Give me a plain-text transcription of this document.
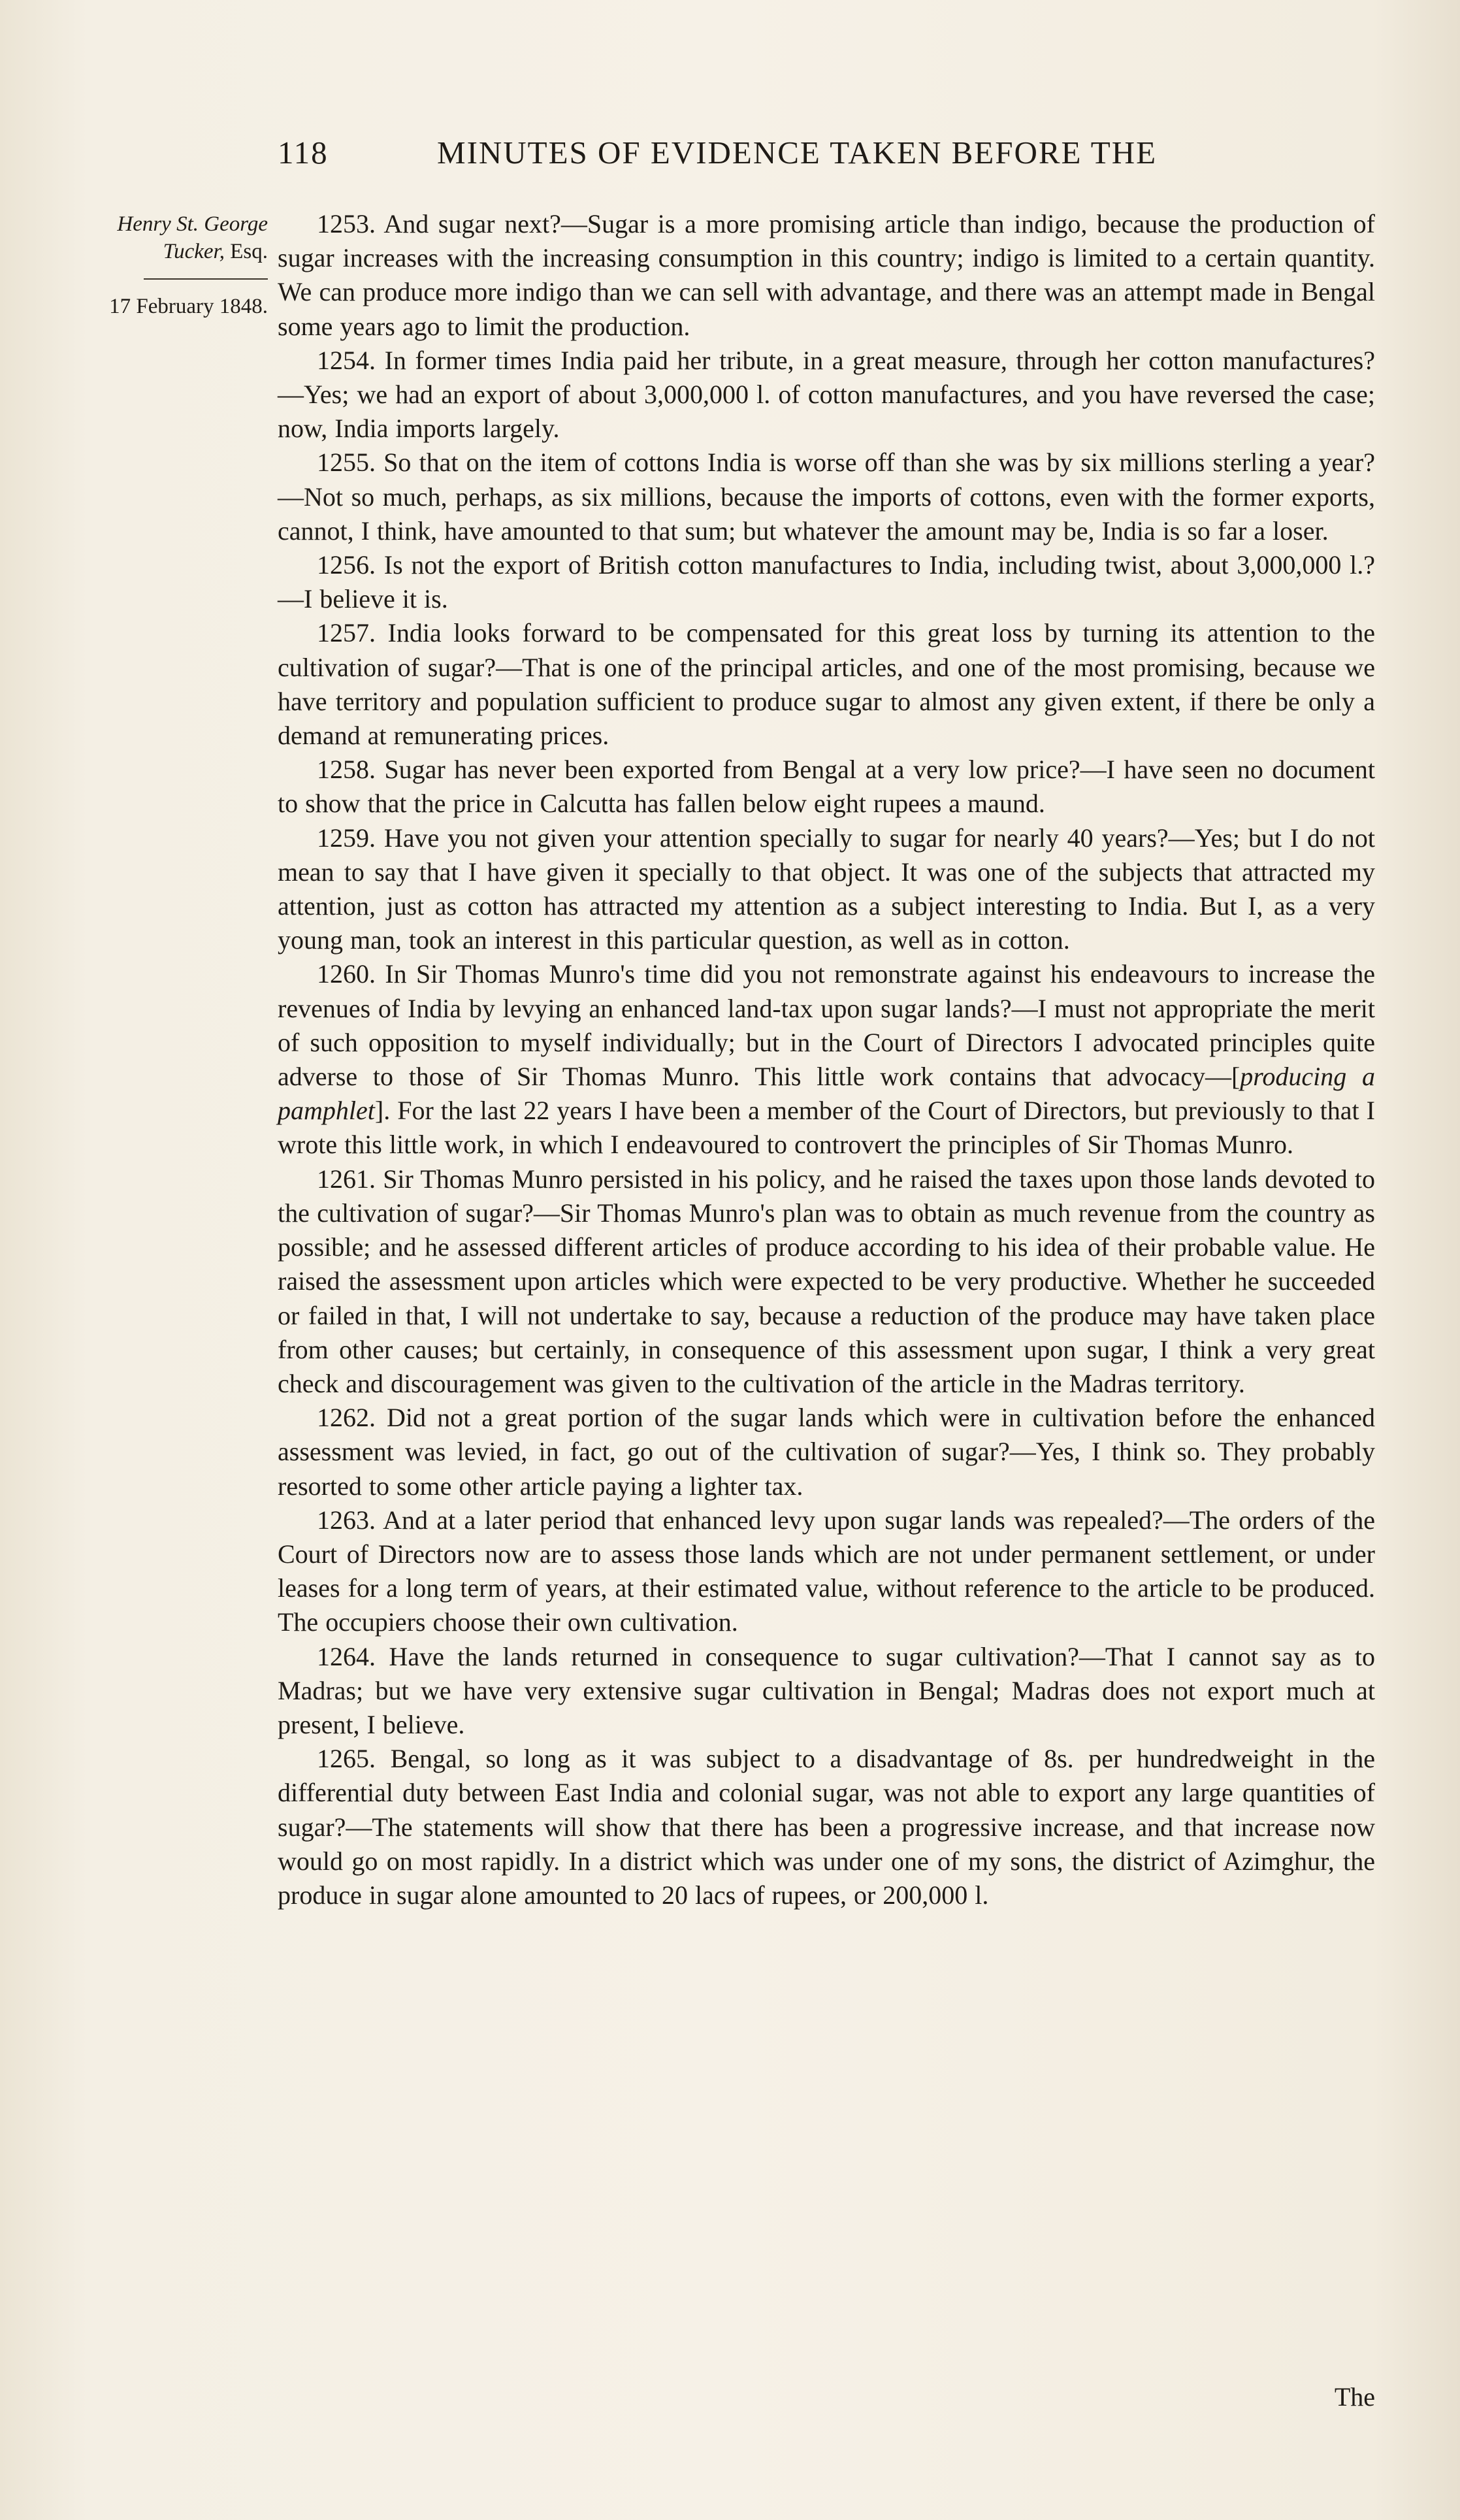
118	MINUTES OF EVIDENCE TAKEN BEFORE THE
Henry St. George
Tucker, Esq.
17 February 1848.

1253. And sugar next?—Sugar is a more promising article than indigo, because the production of sugar increases with the increasing consumption in this country; indigo is limited to a certain quantity. We can produce more indigo than we can sell with advantage, and there was an attempt made in Bengal some years ago to limit the production.

1254. In former times India paid her tribute, in a great measure, through her cotton manufactures?—Yes; we had an export of about 3,000,000 l. of cotton manufactures, and you have reversed the case; now, India imports largely.

1255. So that on the item of cottons India is worse off than she was by six millions sterling a year?—Not so much, perhaps, as six millions, because the imports of cottons, even with the former exports, cannot, I think, have amounted to that sum; but whatever the amount may be, India is so far a loser.

1256. Is not the export of British cotton manufactures to India, including twist, about 3,000,000 l.?—I believe it is.

1257. India looks forward to be compensated for this great loss by turning its attention to the cultivation of sugar?—That is one of the principal articles, and one of the most promising, because we have territory and population sufficient to produce sugar to almost any given extent, if there be only a demand at remunerating prices.

1258. Sugar has never been exported from Bengal at a very low price?—I have seen no document to show that the price in Calcutta has fallen below eight rupees a maund.

1259. Have you not given your attention specially to sugar for nearly 40 years?—Yes; but I do not mean to say that I have given it specially to that object. It was one of the subjects that attracted my attention, just as cotton has attracted my attention as a subject interesting to India. But I, as a very young man, took an interest in this particular question, as well as in cotton.

1260. In Sir Thomas Munro's time did you not remonstrate against his endeavours to increase the revenues of India by levying an enhanced land-tax upon sugar lands?—I must not appropriate the merit of such opposition to myself individually; but in the Court of Directors I advocated principles quite adverse to those of Sir Thomas Munro. This little work contains that advocacy—[producing a pamphlet]. For the last 22 years I have been a member of the Court of Directors, but previously to that I wrote this little work, in which I endeavoured to controvert the principles of Sir Thomas Munro.

1261. Sir Thomas Munro persisted in his policy, and he raised the taxes upon those lands devoted to the cultivation of sugar?—Sir Thomas Munro's plan was to obtain as much revenue from the country as possible; and he assessed different articles of produce according to his idea of their probable value. He raised the assessment upon articles which were expected to be very productive. Whether he succeeded or failed in that, I will not undertake to say, because a reduction of the produce may have taken place from other causes; but certainly, in consequence of this assessment upon sugar, I think a very great check and discouragement was given to the cultivation of the article in the Madras territory.

1262. Did not a great portion of the sugar lands which were in cultivation before the enhanced assessment was levied, in fact, go out of the cultivation of sugar?—Yes, I think so. They probably resorted to some other article paying a lighter tax.

1263. And at a later period that enhanced levy upon sugar lands was repealed?—The orders of the Court of Directors now are to assess those lands which are not under permanent settlement, or under leases for a long term of years, at their estimated value, without reference to the article to be produced. The occupiers choose their own cultivation.

1264. Have the lands returned in consequence to sugar cultivation?—That I cannot say as to Madras; but we have very extensive sugar cultivation in Bengal; Madras does not export much at present, I believe.

1265. Bengal, so long as it was subject to a disadvantage of 8s. per hundredweight in the differential duty between East India and colonial sugar, was not able to export any large quantities of sugar?—The statements will show that there has been a progressive increase, and that increase now would go on most rapidly. In a district which was under one of my sons, the district of Azimghur, the produce in sugar alone amounted to 20 lacs of rupees, or 200,000 l.

The
